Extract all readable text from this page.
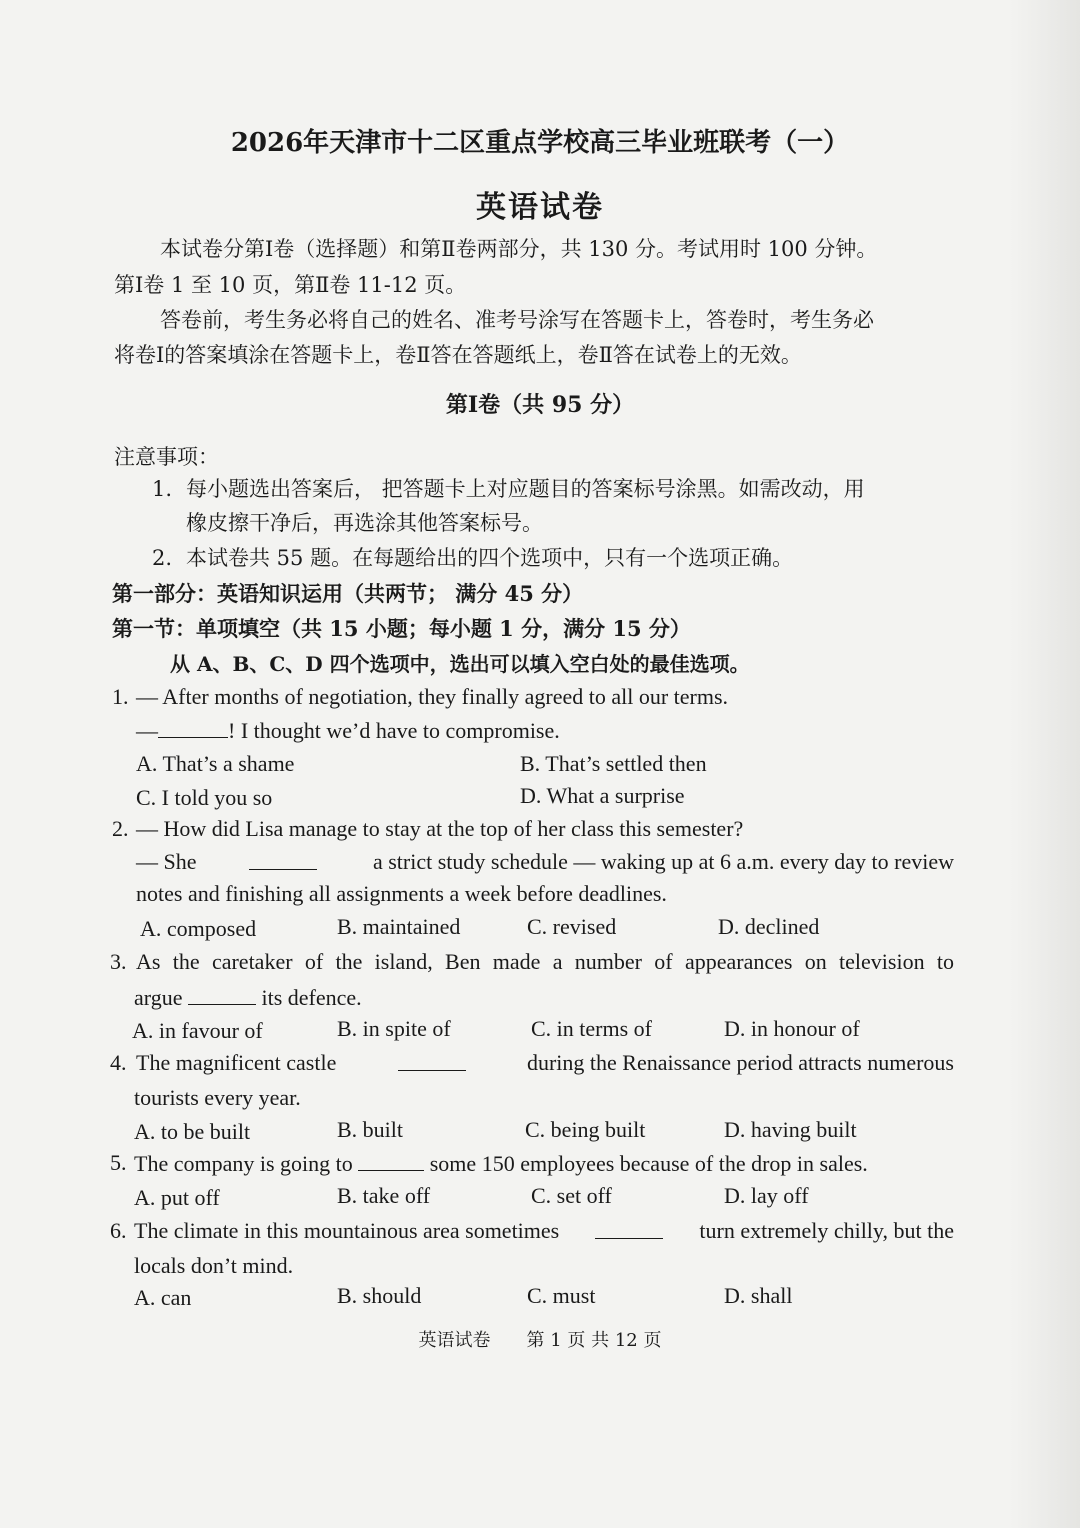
2026年天津市十二区重点学校高三毕业班联考（一）
英语试卷
本试卷分第Ⅰ卷（选择题）和第Ⅱ卷两部分，共 130 分。考试用时 100 分钟。
第Ⅰ卷 1 至 10 页，第Ⅱ卷 11-12 页。
答卷前，考生务必将自己的姓名、准考号涂写在答题卡上，答卷时，考生务必
将卷Ⅰ的答案填涂在答题卡上，卷Ⅱ答在答题纸上，卷Ⅱ答在试卷上的无效。
第Ⅰ卷（共 95 分）
注意事项：
1. 每小题选出答案后， 把答题卡上对应题目的答案标号涂黑。如需改动，用
橡皮擦干净后，再选涂其他答案标号。
2. 本试卷共 55 题。在每题给出的四个选项中，只有一个选项正确。
第一部分：英语知识运用（共两节； 满分 45 分）
第一节：单项填空（共 15 小题；每小题 1 分，满分 15 分）
从 A、B、C、D 四个选项中，选出可以填入空白处的最佳选项。
1. — After months of negotiation, they finally agreed to all our terms.
—	! I thought we’d have to compromise.
A. That’s a shame	B. That’s settled then
C. I told you so	D. What a surprise
2. — How did Lisa manage to stay at the top of her class this semester?
— She	a strict study schedule — waking up at 6 a.m. every day to review
notes and finishing all assignments a week before deadlines.
A. composed	B. maintained	C. revised	D. declined
3. As the caretaker of the island, Ben made a number of appearances on television to
argue	its defence.
A. in favour of	B. in spite of	C. in terms of	D. in honour of
4. The magnificent castle	during the Renaissance period attracts numerous
tourists every year.
A. to be built	B. built	C. being built	D. having built
5. The company is going to	some 150 employees because of the drop in sales.
A. put off	B. take off	C. set off	D. lay off
6. The climate in this mountainous area sometimes	turn extremely chilly, but the
locals don’t mind.
A. can	B. should	C. must	D. shall
英语试卷　　第 1 页 共 12 页
